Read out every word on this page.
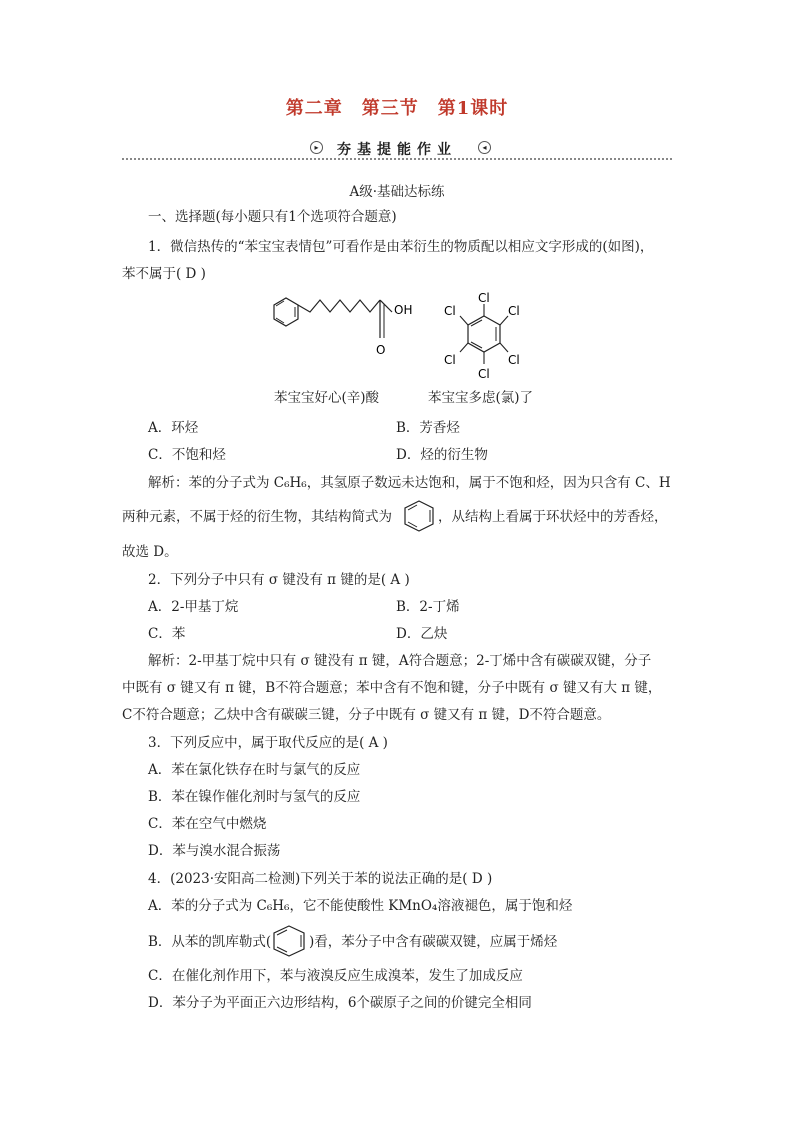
第二章　第三节　第1课时
▸	夯基提能作业	◂
A级·基础达标练
一、选择题(每小题只有1个选项符合题意)
1．微信热传的“苯宝宝表情包”可看作是由苯衍生的物质配以相应文字形成的(如图)，
苯不属于( D )
OH
O
Cl
Cl
Cl
Cl
Cl
Cl
苯宝宝好心(辛)酸	苯宝宝多虑(氯)了
A．环烃	B．芳香烃
C．不饱和烃	D．烃的衍生物
解析：苯的分子式为 C₆H₆，其氢原子数远未达饱和，属于不饱和烃，因为只含有 C、H
两种元素，不属于烃的衍生物，其结构简式为	，从结构上看属于环状烃中的芳香烃，
故选 D。
2．下列分子中只有 σ 键没有 π 键的是( A )
A．2-甲基丁烷	B．2-丁烯
C．苯	D．乙炔
解析：2-甲基丁烷中只有 σ 键没有 π 键，A符合题意；2-丁烯中含有碳碳双键，分子
中既有 σ 键又有 π 键，B不符合题意；苯中含有不饱和键，分子中既有 σ 键又有大 π 键，
C不符合题意；乙炔中含有碳碳三键，分子中既有 σ 键又有 π 键，D不符合题意。
3．下列反应中，属于取代反应的是( A )
A．苯在氯化铁存在时与氯气的反应
B．苯在镍作催化剂时与氢气的反应
C．苯在空气中燃烧
D．苯与溴水混合振荡
4．(2023·安阳高二检测)下列关于苯的说法正确的是( D )
A．苯的分子式为 C₆H₆，它不能使酸性 KMnO₄溶液褪色，属于饱和烃
B．从苯的凯库勒式(	)看，苯分子中含有碳碳双键，应属于烯烃
C．在催化剂作用下，苯与液溴反应生成溴苯，发生了加成反应
D．苯分子为平面正六边形结构，6个碳原子之间的价键完全相同
